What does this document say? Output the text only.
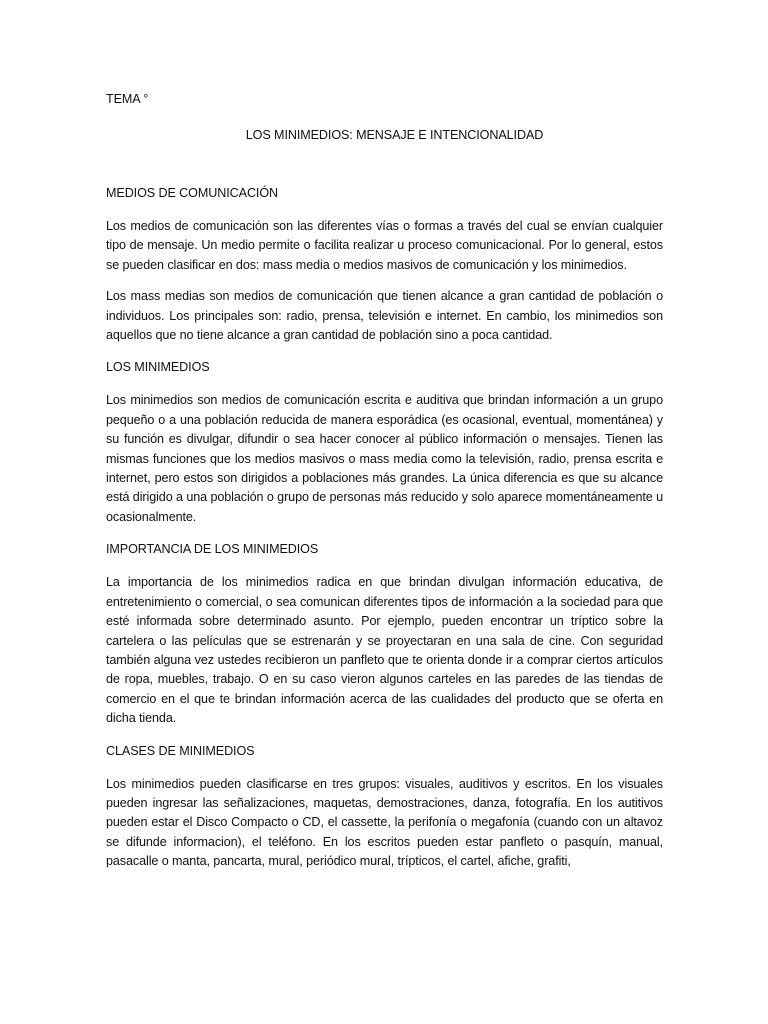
TEMA °

LOS MINIMEDIOS: MENSAJE E INTENCIONALIDAD

MEDIOS DE COMUNICACIÓN

Los medios de comunicación son las diferentes vías o formas a través del cual se envían cualquier tipo de mensaje. Un medio permite o facilita realizar u proceso comunicacional. Por lo general, estos se pueden clasificar en dos: mass media o medios masivos de comunicación y los minimedios.

Los mass medias son medios de comunicación que tienen alcance a gran cantidad de población o individuos. Los principales son: radio, prensa, televisión e internet. En cambio, los minimedios son aquellos que no tiene alcance a gran cantidad de población sino a poca cantidad.

LOS MINIMEDIOS

Los minimedios son medios de comunicación escrita e auditiva que brindan información a un grupo pequeño o a una población reducida de manera esporádica (es ocasional, eventual, momentánea) y su función es divulgar, difundir o sea hacer conocer al público información o mensajes. Tienen las mismas funciones que los medios masivos o mass media como la televisión, radio, prensa escrita e internet, pero estos son dirigidos a poblaciones más grandes. La única diferencia es que su alcance está dirigido a una población o grupo de personas más reducido y solo aparece momentáneamente u ocasionalmente.

IMPORTANCIA DE LOS MINIMEDIOS

La importancia de los minimedios radica en que brindan divulgan información educativa, de entretenimiento o comercial, o sea comunican diferentes tipos de información a la sociedad para que esté informada sobre determinado asunto. Por ejemplo, pueden encontrar un tríptico sobre la cartelera o las películas que se estrenarán y se proyectaran en una sala de cine. Con seguridad también alguna vez ustedes recibieron un panfleto que te orienta donde ir a comprar ciertos artículos de ropa, muebles, trabajo. O en su caso vieron algunos carteles en las paredes de las tiendas de comercio en el que te brindan información acerca de las cualidades del producto que se oferta en dicha tienda.

CLASES DE MINIMEDIOS

Los minimedios pueden clasificarse en tres grupos: visuales, auditivos y escritos. En los visuales pueden ingresar las señalizaciones, maquetas, demostraciones, danza, fotografía. En los autitivos pueden estar el Disco Compacto o CD, el cassette, la perifonía o megafonía (cuando con un altavoz se difunde informacion), el teléfono. En los escritos pueden estar panfleto o pasquín, manual, pasacalle o manta, pancarta, mural, periódico mural, trípticos, el cartel, afiche, grafiti,
